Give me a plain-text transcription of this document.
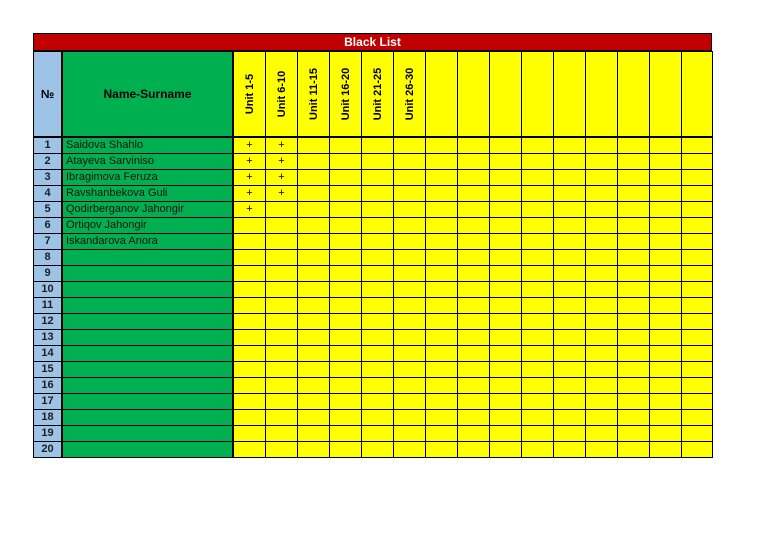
Black List
№	Name-Surname	Unit 1-5 Unit 6-10 Unit 11-15 Unit 16-20 Unit 21-25 Unit 26-30
1	Saidova Shahlo	+	+
2	Atayeva Sarviniso	+	+
3	Ibragimova Feruza	+	+
4	Ravshanbekova Guli	+	+
5	Qodirberganov Jahongir	+
6	Ortiqov Jahongir
7	Iskandarova Anora
8
9
10
11
12
13
14
15
16
17
18
19
20
